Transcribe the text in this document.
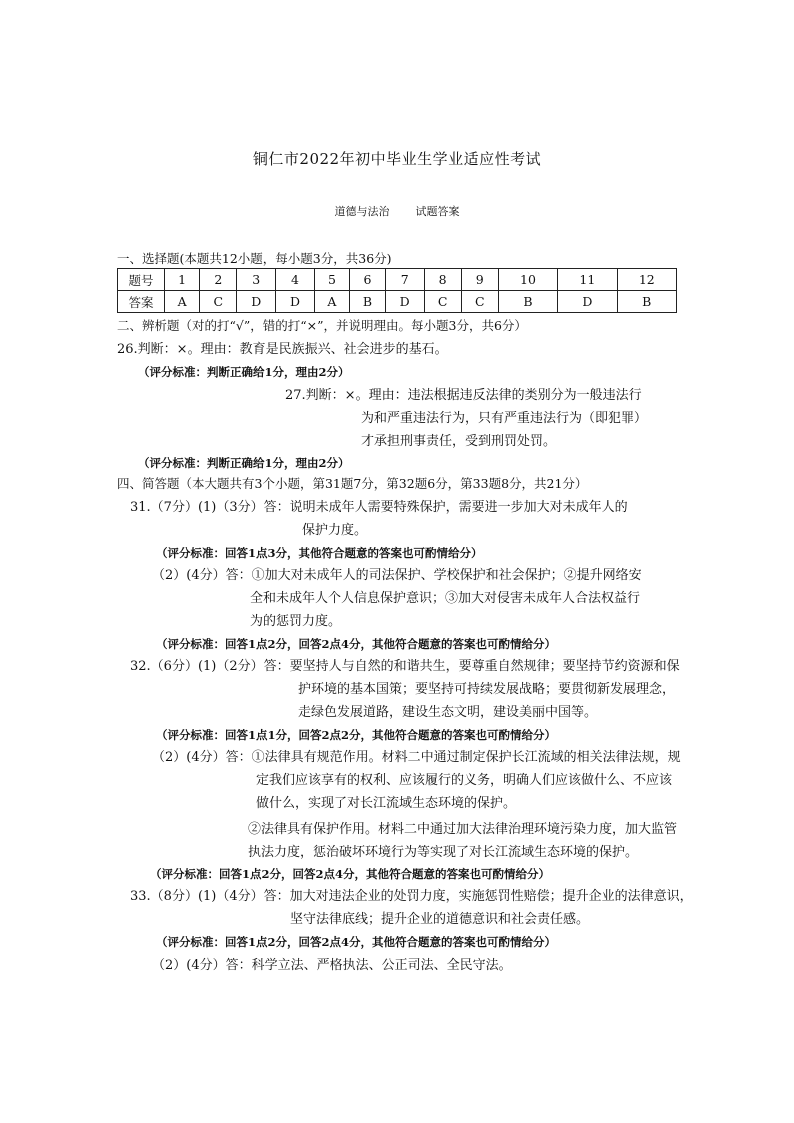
铜仁市2022年初中毕业生学业适应性考试
道德与法治 试题答案
一、选择题(本题共12小题，每小题3分，共36分)
题号	1	2	3	4	5	6	7	8	9	10	11	12
答案	A	C	D	D	A	B	D	C	C	B	D	B
二、辨析题（对的打“√”，错的打“×”，并说明理由。每小题3分，共6分）
26.判断：×。理由：教育是民族振兴、社会进步的基石。
（评分标准：判断正确给1分，理由2分）
27.判断：×。理由：违法根据违反法律的类别分为一般违法行
为和严重违法行为，只有严重违法行为（即犯罪）
才承担刑事责任，受到刑罚处罚。
（评分标准：判断正确给1分，理由2分）
四、简答题（本大题共有3个小题，第31题7分，第32题6分，第33题8分，共21分）
31.（7分）(1)（3分）答：说明未成年人需要特殊保护，需要进一步加大对未成年人的
保护力度。
（评分标准：回答1点3分，其他符合题意的答案也可酌情给分）
（2）(4分）答：①加大对未成年人的司法保护、学校保护和社会保护；②提升网络安
全和未成年人个人信息保护意识；③加大对侵害未成年人合法权益行
为的惩罚力度。
（评分标准：回答1点2分，回答2点4分，其他符合题意的答案也可酌情给分）
32.（6分）(1)（2分）答：要坚持人与自然的和谐共生，要尊重自然规律；要坚持节约资源和保
护环境的基本国策；要坚持可持续发展战略；要贯彻新发展理念，
走绿色发展道路，建设生态文明，建设美丽中国等。
（评分标准：回答1点1分，回答2点2分，其他符合题意的答案也可酌情给分）
（2）(4分）答：①法律具有规范作用。材料二中通过制定保护长江流域的相关法律法规，规
定我们应该享有的权利、应该履行的义务，明确人们应该做什么、不应该
做什么，实现了对长江流域生态环境的保护。
②法律具有保护作用。材料二中通过加大法律治理环境污染力度，加大监管
执法力度，惩治破坏环境行为等实现了对长江流域生态环境的保护。
（评分标准：回答1点2分，回答2点4分，其他符合题意的答案也可酌情给分）
33.（8分）(1)（4分）答：加大对违法企业的处罚力度，实施惩罚性赔偿；提升企业的法律意识，
坚守法律底线；提升企业的道德意识和社会责任感。
（评分标准：回答1点2分，回答2点4分，其他符合题意的答案也可酌情给分）
（2）(4分）答：科学立法、严格执法、公正司法、全民守法。
